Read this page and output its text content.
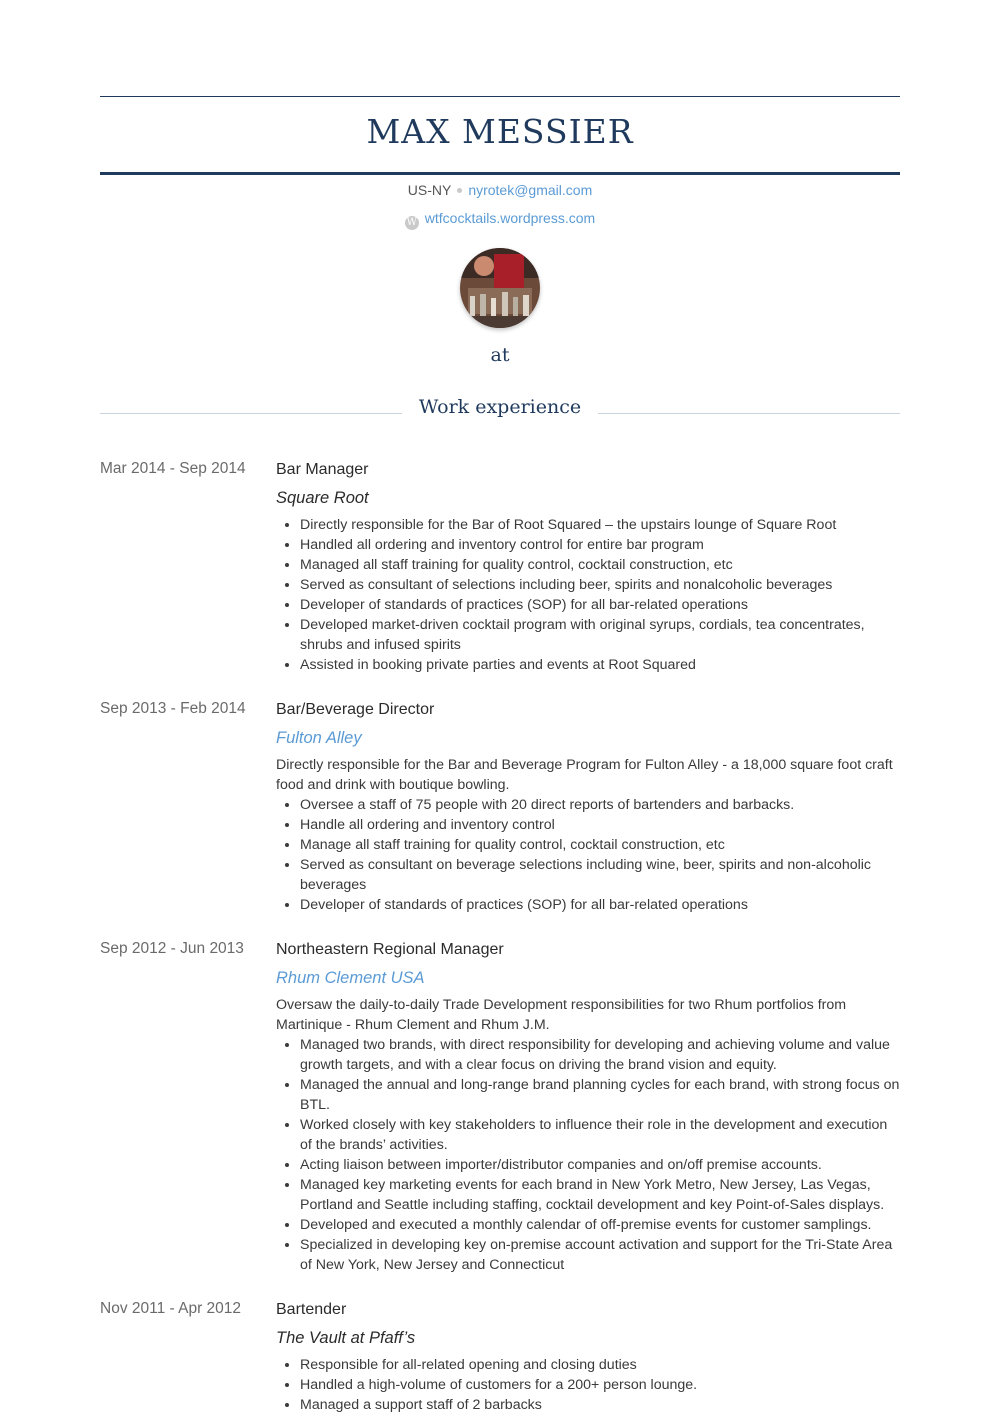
MAX MESSIER
US-NY nyrotek@gmail.com
W wtfcocktails.wordpress.com
at
Work experience
Mar 2014 - Sep 2014	Bar Manager
Square Root
• Directly responsible for the Bar of Root Squared – the upstairs lounge of Square Root
• Handled all ordering and inventory control for entire bar program
• Managed all staff training for quality control, cocktail construction, etc
• Served as consultant of selections including beer, spirits and nonalcoholic beverages
• Developer of standards of practices (SOP) for all bar-related operations
• Developed market-driven cocktail program with original syrups, cordials, tea concentrates, shrubs and infused spirits
• Assisted in booking private parties and events at Root Squared
Sep 2013 - Feb 2014	Bar/Beverage Director
Fulton Alley
Directly responsible for the Bar and Beverage Program for Fulton Alley - a 18,000 square foot craft food and drink with boutique bowling.
• Oversee a staff of 75 people with 20 direct reports of bartenders and barbacks.
• Handle all ordering and inventory control
• Manage all staff training for quality control, cocktail construction, etc
• Served as consultant on beverage selections including wine, beer, spirits and non-alcoholic beverages
• Developer of standards of practices (SOP) for all bar-related operations
Sep 2012 - Jun 2013	Northeastern Regional Manager
Rhum Clement USA
Oversaw the daily-to-daily Trade Development responsibilities for two Rhum portfolios from Martinique - Rhum Clement and Rhum J.M.
• Managed two brands, with direct responsibility for developing and achieving volume and value growth targets, and with a clear focus on driving the brand vision and equity.
• Managed the annual and long-range brand planning cycles for each brand, with strong focus on BTL.
• Worked closely with key stakeholders to influence their role in the development and execution of the brands’ activities.
• Acting liaison between importer/distributor companies and on/off premise accounts.
• Managed key marketing events for each brand in New York Metro, New Jersey, Las Vegas, Portland and Seattle including staffing, cocktail development and key Point-of-Sales displays.
• Developed and executed a monthly calendar of off-premise events for customer samplings.
• Specialized in developing key on-premise account activation and support for the Tri-State Area of New York, New Jersey and Connecticut
Nov 2011 - Apr 2012	Bartender
The Vault at Pfaff’s
• Responsible for all-related opening and closing duties
• Handled a high-volume of customers for a 200+ person lounge.
• Managed a support staff of 2 barbacks
